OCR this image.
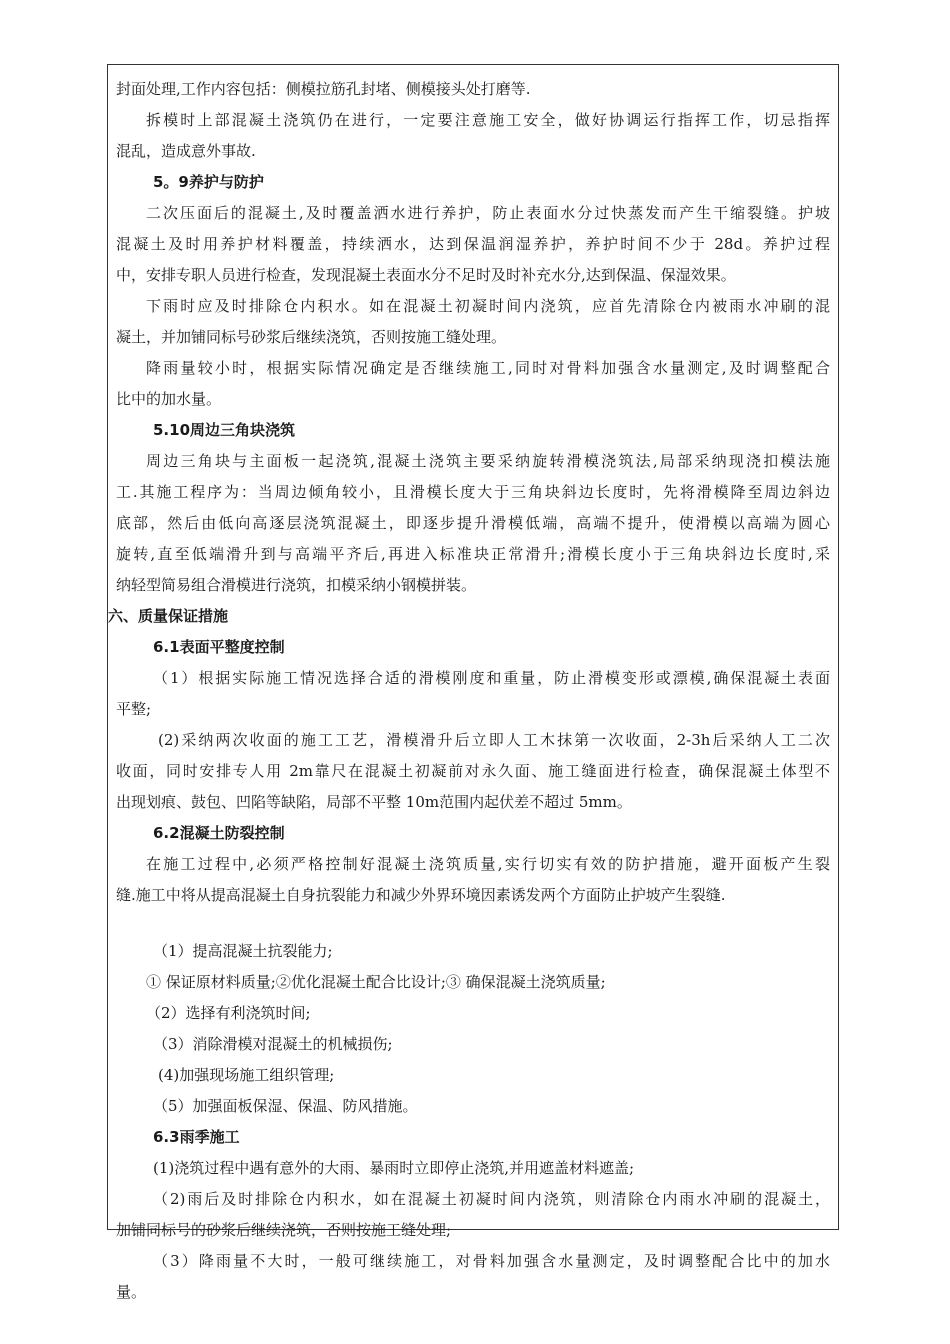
封面处理,工作内容包括：侧模拉筋孔封堵、侧模接头处打磨等.
拆模时上部混凝土浇筑仍在进行，一定要注意施工安全，做好协调运行指挥工作，切忌指挥
混乱，造成意外事故.
5。9养护与防护
二次压面后的混凝土,及时覆盖洒水进行养护，防止表面水分过快蒸发而产生干缩裂缝。护坡
混凝土及时用养护材料覆盖，持续洒水，达到保温润湿养护，养护时间不少于 28d。养护过程
中，安排专职人员进行检查，发现混凝土表面水分不足时及时补充水分,达到保温、保湿效果。
下雨时应及时排除仓内积水。如在混凝土初凝时间内浇筑，应首先清除仓内被雨水冲刷的混
凝土，并加铺同标号砂浆后继续浇筑，否则按施工缝处理。
降雨量较小时，根据实际情况确定是否继续施工,同时对骨料加强含水量测定,及时调整配合
比中的加水量。
5.10周边三角块浇筑
周边三角块与主面板一起浇筑,混凝土浇筑主要采纳旋转滑模浇筑法,局部采纳现浇扣模法施
工.其施工程序为：当周边倾角较小，且滑模长度大于三角块斜边长度时，先将滑模降至周边斜边
底部，然后由低向高逐层浇筑混凝土，即逐步提升滑模低端，高端不提升，使滑模以高端为圆心
旋转,直至低端滑升到与高端平齐后,再进入标准块正常滑升;滑模长度小于三角块斜边长度时,采
纳轻型简易组合滑模进行浇筑，扣模采纳小钢模拼装。
六、质量保证措施
6.1表面平整度控制
（1）根据实际施工情况选择合适的滑模刚度和重量，防止滑模变形或漂模,确保混凝土表面
平整;
(2)采纳两次收面的施工工艺，滑模滑升后立即人工木抹第一次收面，2-3h后采纳人工二次
收面，同时安排专人用 2m靠尺在混凝土初凝前对永久面、施工缝面进行检查，确保混凝土体型不
出现划痕、鼓包、凹陷等缺陷，局部不平整 10m范围内起伏差不超过 5mm。
6.2混凝土防裂控制
在施工过程中,必须严格控制好混凝土浇筑质量,实行切实有效的防护措施，避开面板产生裂
缝.施工中将从提高混凝土自身抗裂能力和减少外界环境因素诱发两个方面防止护坡产生裂缝.
（1）提高混凝土抗裂能力;
① 保证原材料质量;②优化混凝土配合比设计;③ 确保混凝土浇筑质量;
（2）选择有利浇筑时间;
（3）消除滑模对混凝土的机械损伤;
(4)加强现场施工组织管理;
（5）加强面板保湿、保温、防风措施。
6.3雨季施工
(1)浇筑过程中遇有意外的大雨、暴雨时立即停止浇筑,并用遮盖材料遮盖;
（2)雨后及时排除仓内积水，如在混凝土初凝时间内浇筑，则清除仓内雨水冲刷的混凝土，
加铺同标号的砂浆后继续浇筑，否则按施工缝处理;
（3）降雨量不大时，一般可继续施工，对骨料加强含水量测定，及时调整配合比中的加水
量。
